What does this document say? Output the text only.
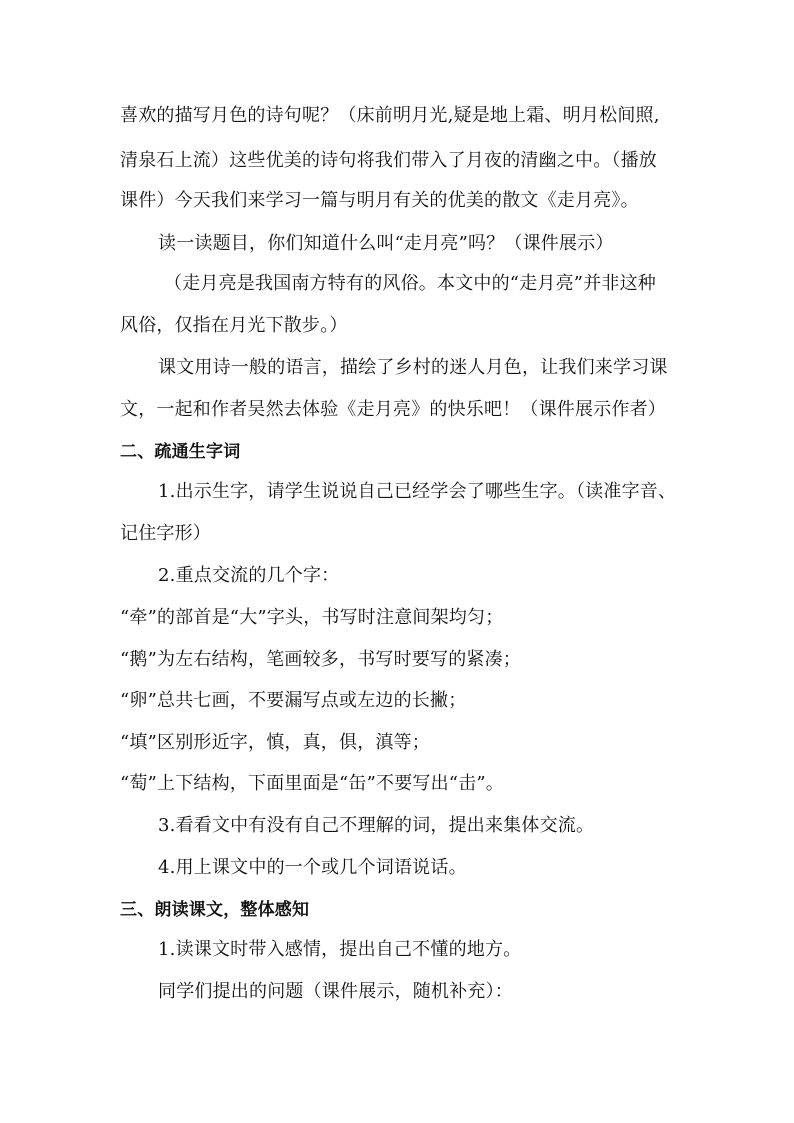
喜欢的描写月色的诗句呢？（床前明月光,疑是地上霜、明月松间照,
清泉石上流）这些优美的诗句将我们带入了月夜的清幽之中。（播放
课件）今天我们来学习一篇与明月有关的优美的散文《走月亮》。
读一读题目，你们知道什么叫“走月亮”吗？（课件展示）
（走月亮是我国南方特有的风俗。本文中的“走月亮”并非这种
风俗，仅指在月光下散步。）
课文用诗一般的语言，描绘了乡村的迷人月色，让我们来学习课
文，一起和作者吴然去体验《走月亮》的快乐吧！（课件展示作者）
二、疏通生字词
1.出示生字，请学生说说自己已经学会了哪些生字。（读准字音、
记住字形）
2.重点交流的几个字：
“牵”的部首是“大”字头，书写时注意间架均匀；
“鹅”为左右结构，笔画较多，书写时要写的紧凑；
“卵”总共七画，不要漏写点或左边的长撇；
“填”区别形近字，慎，真，俱，滇等；
“萄”上下结构，下面里面是“缶”不要写出“击”。
3.看看文中有没有自己不理解的词，提出来集体交流。
4.用上课文中的一个或几个词语说话。
三、朗读课文，整体感知
1.读课文时带入感情，提出自己不懂的地方。
同学们提出的问题（课件展示，随机补充）：
